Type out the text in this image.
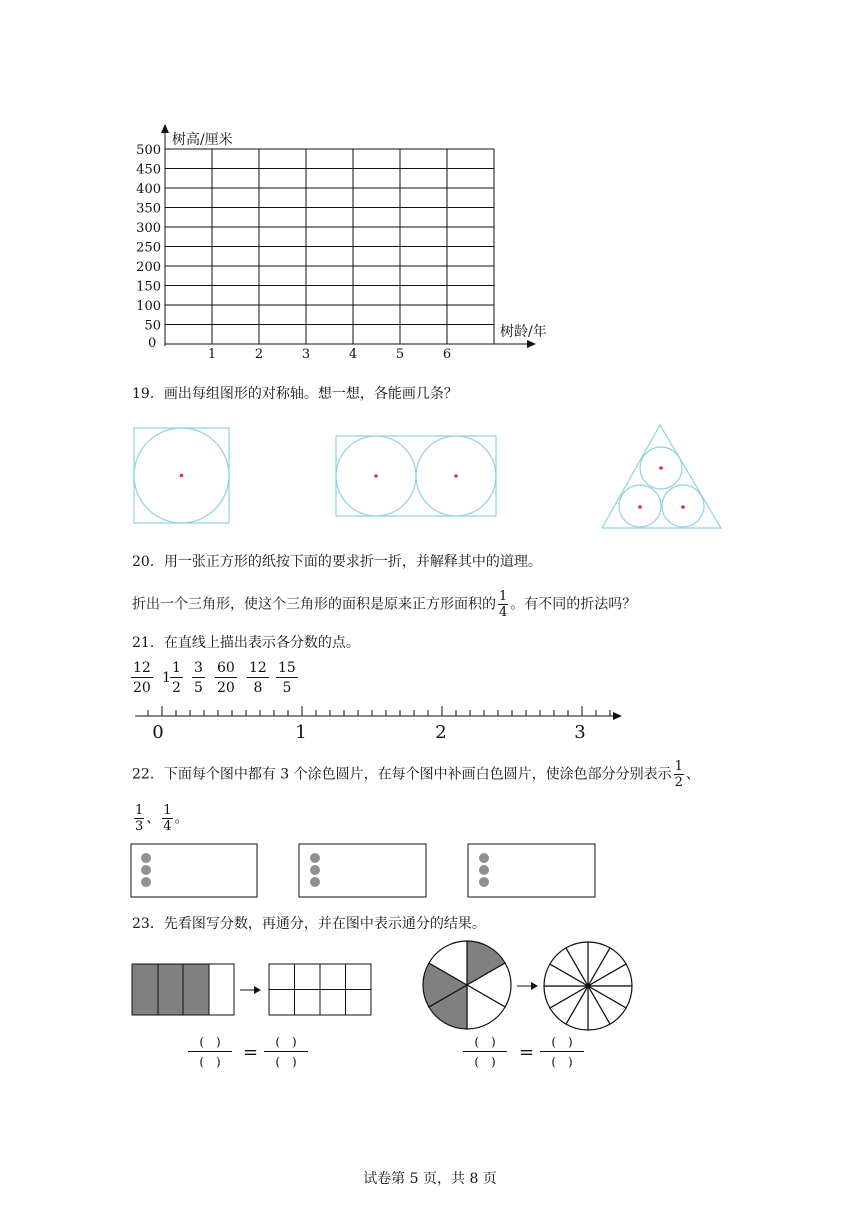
树高/厘米
树龄/年
0
50
100
150
200
250
300
350
400
450
500
1	2	3	4	5	6
19．画出每组图形的对称轴。想一想，各能画几条？
20．用一张正方形的纸按下面的要求折一折，并解释其中的道理。
折出一个三角形，使这个三角形的面积是原来正方形面积的 $\frac{1}{4}$ 。有不同的折法吗？
21．在直线上描出表示各分数的点。
$\frac{12}{20} 1 \frac{1}{2} \frac{3}{5} \frac{60}{20} \frac{12}{8} \frac{15}{5}$
0	1	2	3
22．下面每个图中都有 3 个涂色圆片，在每个图中补画白色圆片，使涂色部分分别表示 $\frac{1}{2}$ 、
$\frac{1}{3}$ 、 $\frac{1}{4}$ 。
23．先看图写分数，再通分，并在图中表示通分的结果。
(　)
(　)	=	(　)
(　)
(　)
(　)	=	(　)
(　)
试卷第 5 页，共 8 页
